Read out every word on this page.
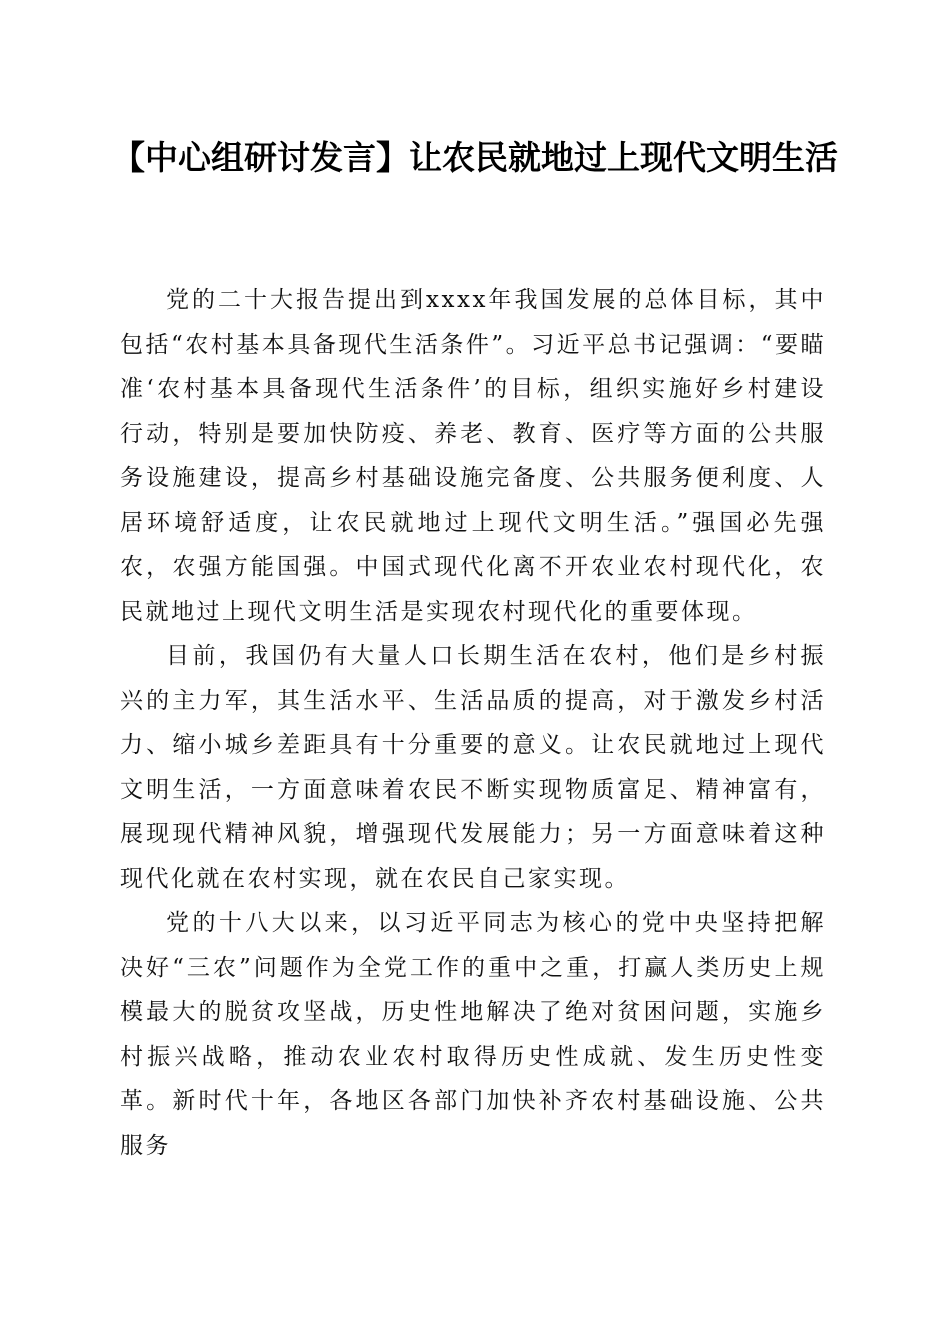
【中心组研讨发言】让农民就地过上现代文明生活

党的二十大报告提出到xxxx年我国发展的总体目标，其中包括“农村基本具备现代生活条件”。习近平总书记强调：“要瞄准‘农村基本具备现代生活条件’的目标，组织实施好乡村建设行动，特别是要加快防疫、养老、教育、医疗等方面的公共服务设施建设，提高乡村基础设施完备度、公共服务便利度、人居环境舒适度，让农民就地过上现代文明生活。”强国必先强农，农强方能国强。中国式现代化离不开农业农村现代化，农民就地过上现代文明生活是实现农村现代化的重要体现。

目前，我国仍有大量人口长期生活在农村，他们是乡村振兴的主力军，其生活水平、生活品质的提高，对于激发乡村活力、缩小城乡差距具有十分重要的意义。让农民就地过上现代文明生活，一方面意味着农民不断实现物质富足、精神富有，展现现代精神风貌，增强现代发展能力；另一方面意味着这种现代化就在农村实现，就在农民自己家实现。

党的十八大以来，以习近平同志为核心的党中央坚持把解决好“三农”问题作为全党工作的重中之重，打赢人类历史上规模最大的脱贫攻坚战，历史性地解决了绝对贫困问题，实施乡村振兴战略，推动农业农村取得历史性成就、发生历史性变革。新时代十年，各地区各部门加快补齐农村基础设施、公共服务
